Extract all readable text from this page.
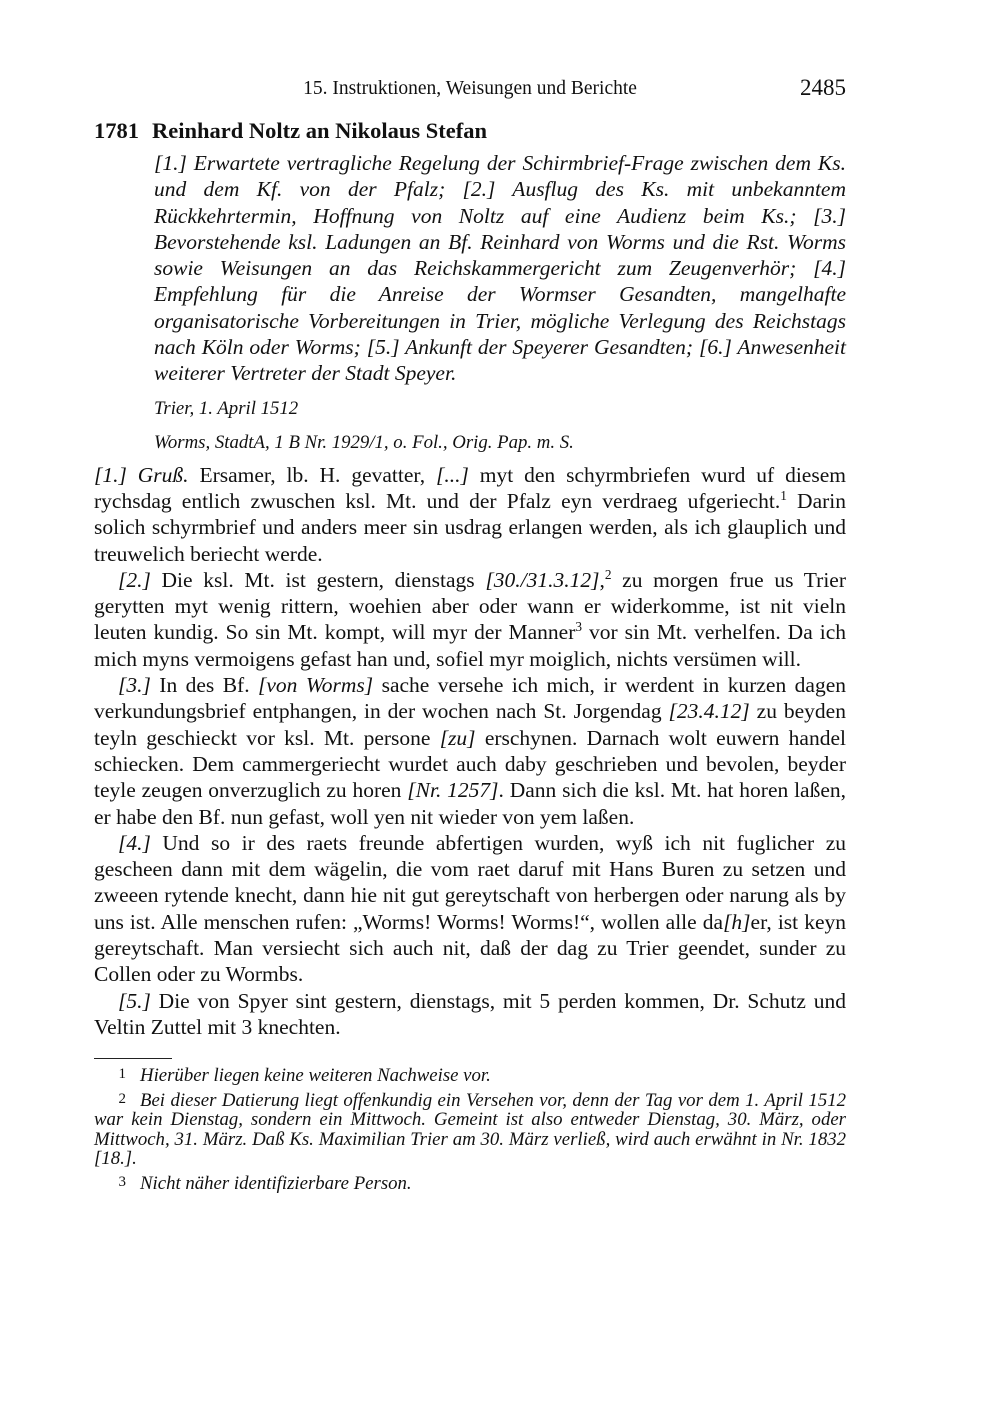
15. Instruktionen, Weisungen und Berichte	2485
1781 Reinhard Noltz an Nikolaus Stefan
[1.] Erwartete vertragliche Regelung der Schirmbrief-Frage zwischen dem Ks. und dem Kf. von der Pfalz; [2.] Ausflug des Ks. mit unbekanntem Rückkehrtermin, Hoffnung von Noltz auf eine Audienz beim Ks.; [3.] Bevorstehende ksl. Ladungen an Bf. Reinhard von Worms und die Rst. Worms sowie Weisungen an das Reichskammergericht zum Zeugenverhör; [4.] Empfehlung für die Anreise der Wormser Gesandten, mangelhafte organisatorische Vorbereitungen in Trier, mögliche Verlegung des Reichstags nach Köln oder Worms; [5.] Ankunft der Speyerer Gesandten; [6.] Anwesenheit weiterer Vertreter der Stadt Speyer.
Trier, 1. April 1512
Worms, StadtA, 1 B Nr. 1929/1, o. Fol., Orig. Pap. m. S.

[1.] Gruß. Ersamer, lb. H. gevatter, [...] myt den schyrmbriefen wurd uf diesem rychsdag entlich zwuschen ksl. Mt. und der Pfalz eyn verdraeg ufgeriecht.$^1$ Darin solich schyrmbrief und anders meer sin usdrag erlangen werden, als ich glauplich und treuwelich beriecht werde.

[2.] Die ksl. Mt. ist gestern, dienstags [30./31.3.12],$^2$ zu morgen frue us Trier gerytten myt wenig rittern, woehien aber oder wann er widerkomme, ist nit vieln leuten kundig. So sin Mt. kompt, will myr der Manner$^3$ vor sin Mt. verhelfen. Da ich mich myns vermoigens gefast han und, sofiel myr moiglich, nichts versümen will.

[3.] In des Bf. [von Worms] sache versehe ich mich, ir werdent in kurzen dagen verkundungsbrief entphangen, in der wochen nach St. Jorgendag [23.4.12] zu beyden teyln geschieckt vor ksl. Mt. persone [zu] erschynen. Darnach wolt euwern handel schiecken. Dem cammergeriecht wurdet auch daby geschrieben und bevolen, beyder teyle zeugen onverzuglich zu horen [Nr. 1257]. Dann sich die ksl. Mt. hat horen laßen, er habe den Bf. nun gefast, woll yen nit wieder von yem laßen.

[4.] Und so ir des raets freunde abfertigen wurden, wyß ich nit fuglicher zu gescheen dann mit dem wägelin, die vom raet daruf mit Hans Buren zu setzen und zweeen rytende knecht, dann hie nit gut gereytschaft von herbergen oder narung als by uns ist. Alle menschen rufen: „Worms! Worms! Worms!“, wollen alle da[h]er, ist keyn gereytschaft. Man versiecht sich auch nit, daß der dag zu Trier geendet, sunder zu Collen oder zu Wormbs.

[5.] Die von Spyer sint gestern, dienstags, mit 5 perden kommen, Dr. Schutz und Veltin Zuttel mit 3 knechten.

1 Hierüber liegen keine weiteren Nachweise vor.

2 Bei dieser Datierung liegt offenkundig ein Versehen vor, denn der Tag vor dem 1. April 1512 war kein Dienstag, sondern ein Mittwoch. Gemeint ist also entweder Dienstag, 30. März, oder Mittwoch, 31. März. Daß Ks. Maximilian Trier am 30. März verließ, wird auch erwähnt in Nr. 1832 [18.].

3 Nicht näher identifizierbare Person.
